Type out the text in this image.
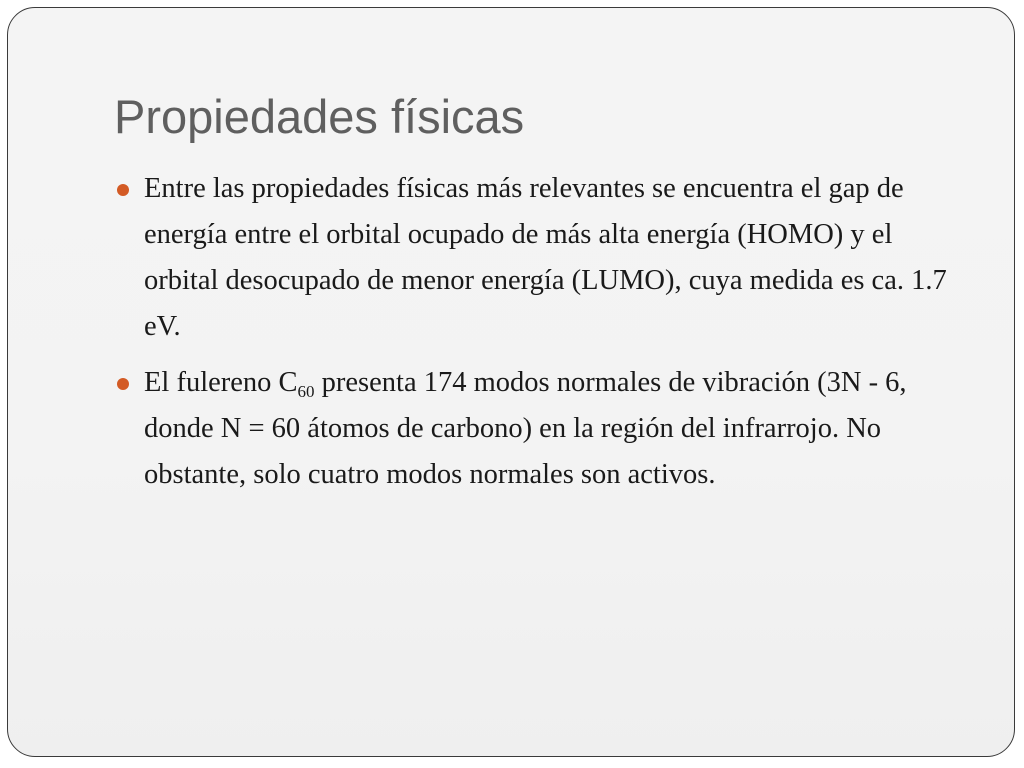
Propiedades físicas
Entre las propiedades físicas más relevantes se encuentra el gap de energía entre el orbital ocupado de más alta energía (HOMO) y el orbital desocupado de menor energía (LUMO), cuya medida es ca. 1.7 eV.
El fulereno $C_{60}$ presenta 174 modos normales de vibración (3N - 6, donde N = 60 átomos de carbono) en la región del infrarrojo. No obstante, solo cuatro modos normales son activos.
